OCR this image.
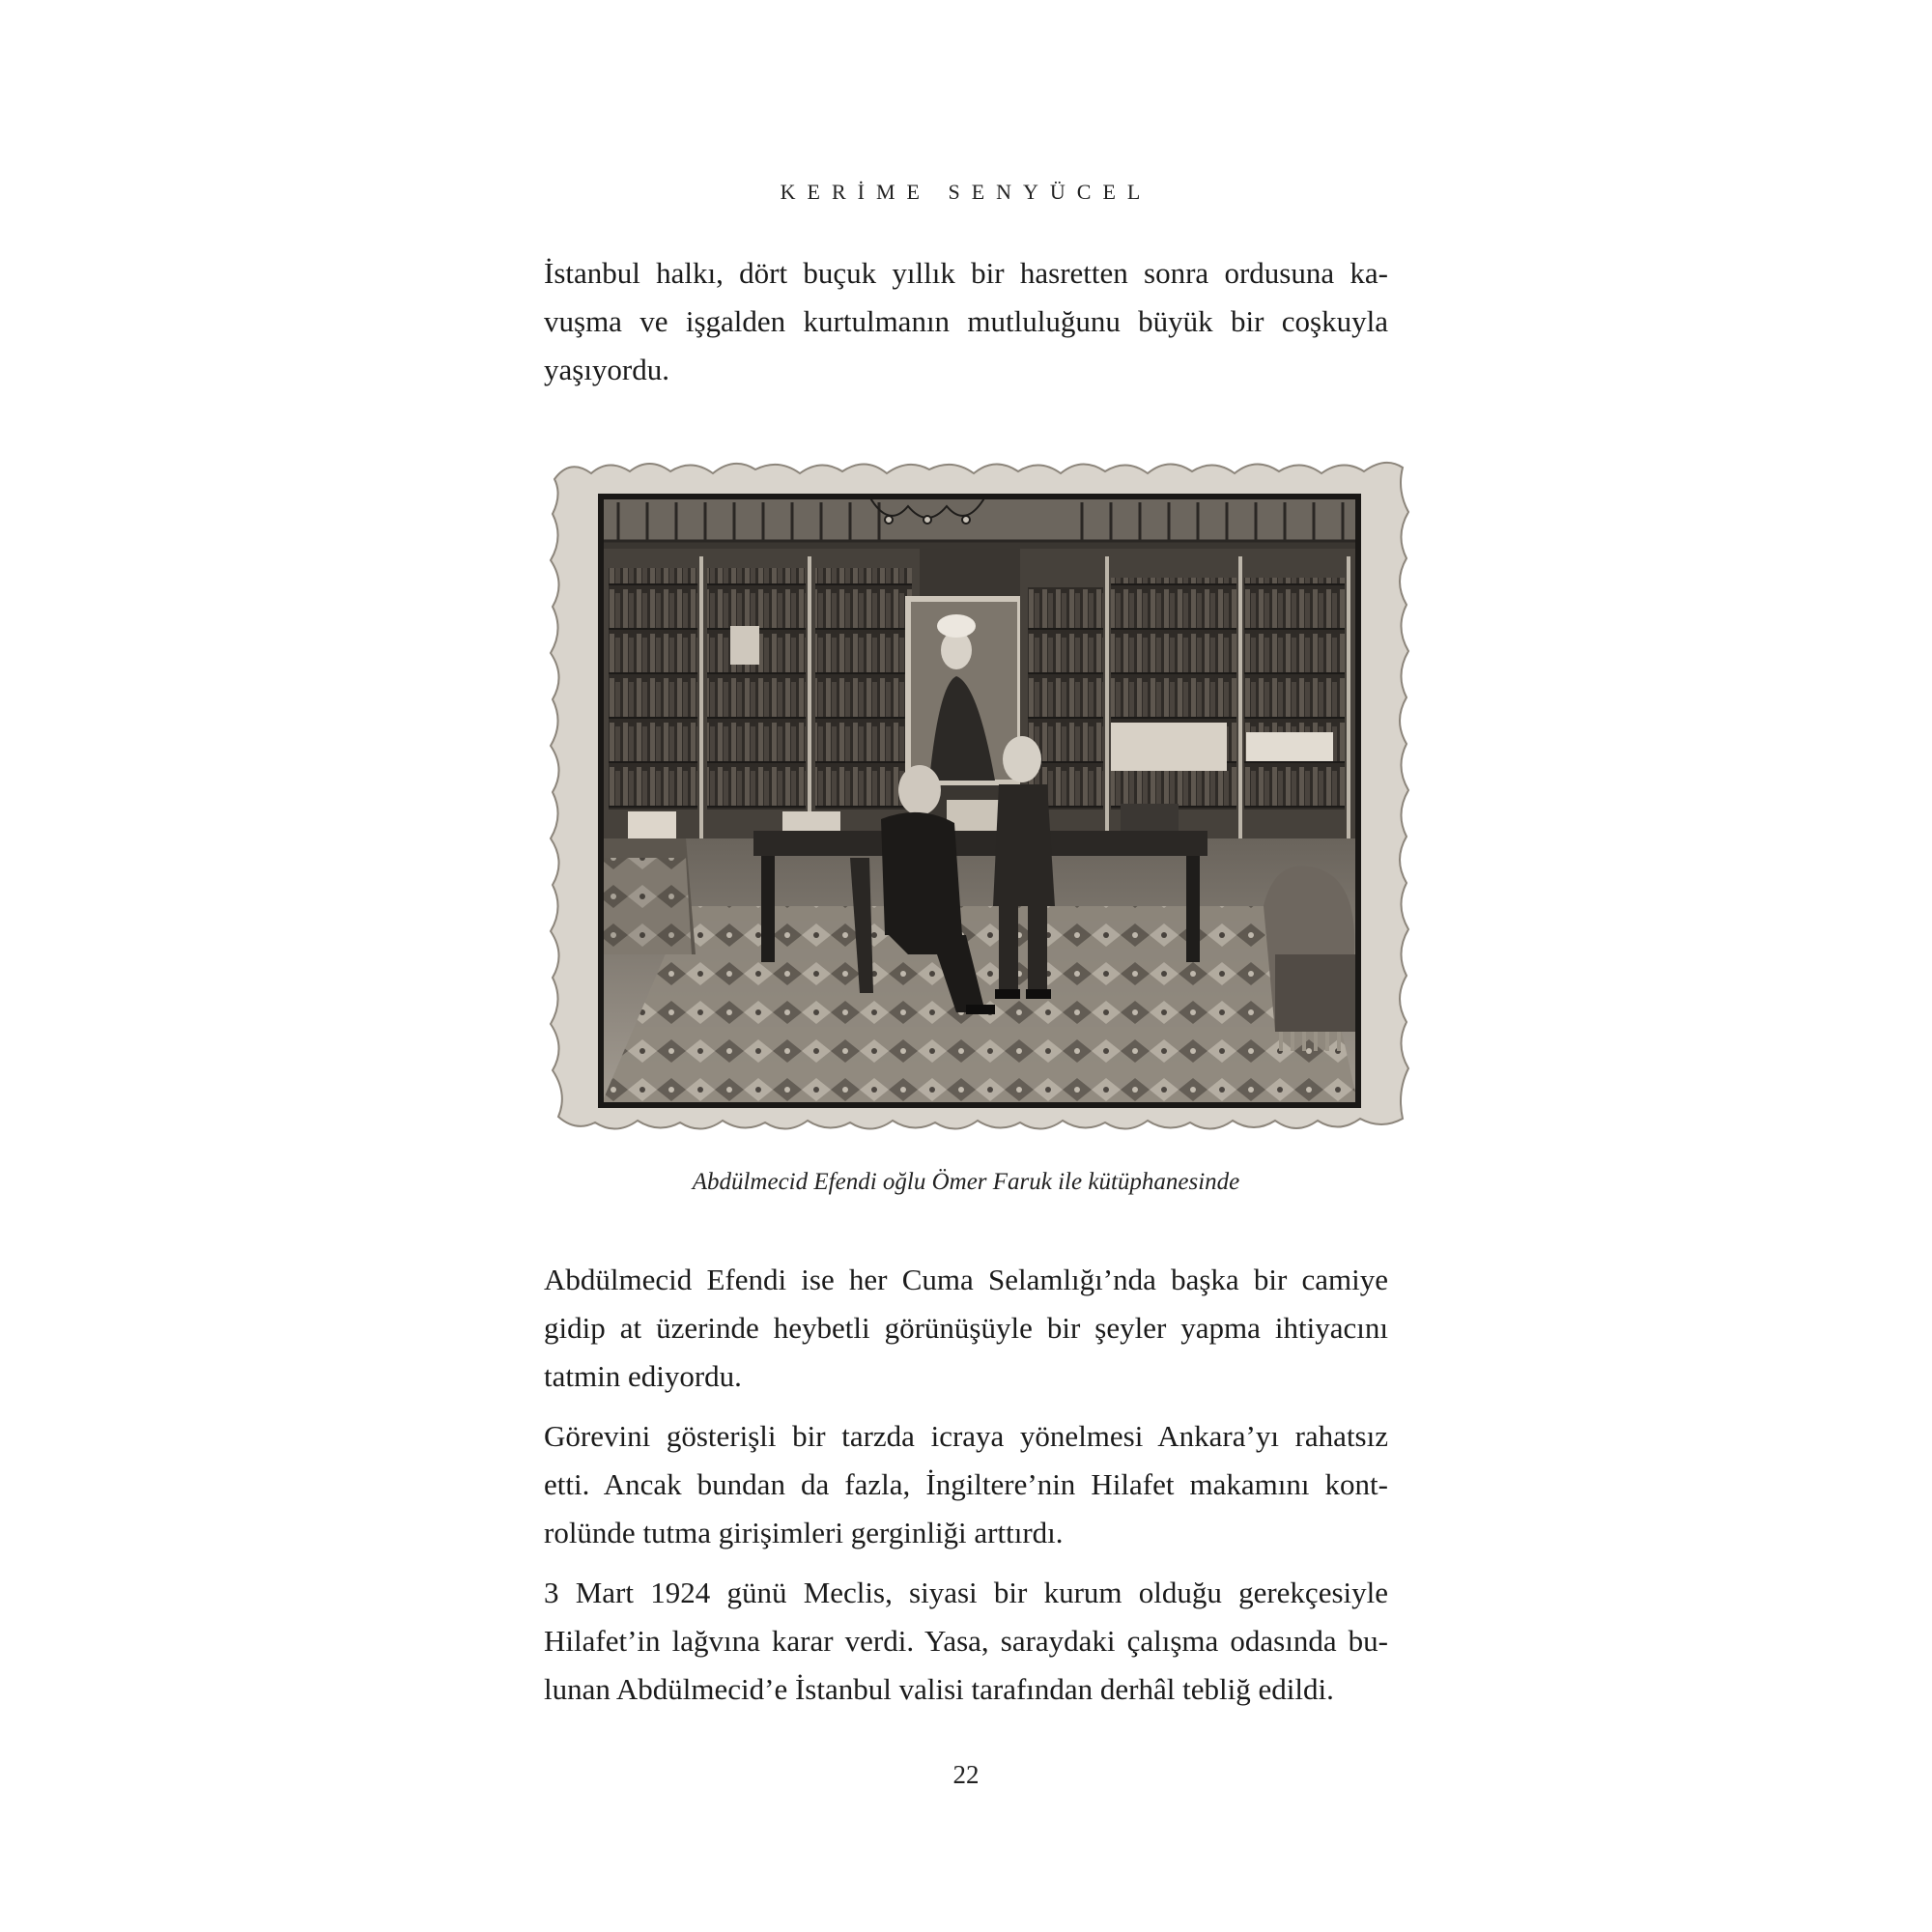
KERİME SENYÜCEL

İstanbul halkı, dört buçuk yıllık bir hasretten sonra ordusuna ka-
vuşma ve işgalden kurtulmanın mutluluğunu büyük bir coşkuyla
yaşıyordu.

Abdülmecid Efendi oğlu Ömer Faruk ile kütüphanesinde

Abdülmecid Efendi ise her Cuma Selamlığı’nda başka bir camiye
gidip at üzerinde heybetli görünüşüyle bir şeyler yapma ihtiyacını
tatmin ediyordu.

Görevini gösterişli bir tarzda icraya yönelmesi Ankara’yı rahatsız
etti. Ancak bundan da fazla, İngiltere’nin Hilafet makamını kont-
rolünde tutma girişimleri gerginliği arttırdı.

3 Mart 1924 günü Meclis, siyasi bir kurum olduğu gerekçesiyle
Hilafet’in lağvına karar verdi. Yasa, saraydaki çalışma odasında bu-
lunan Abdülmecid’e İstanbul valisi tarafından derhâl tebliğ edildi.

22
